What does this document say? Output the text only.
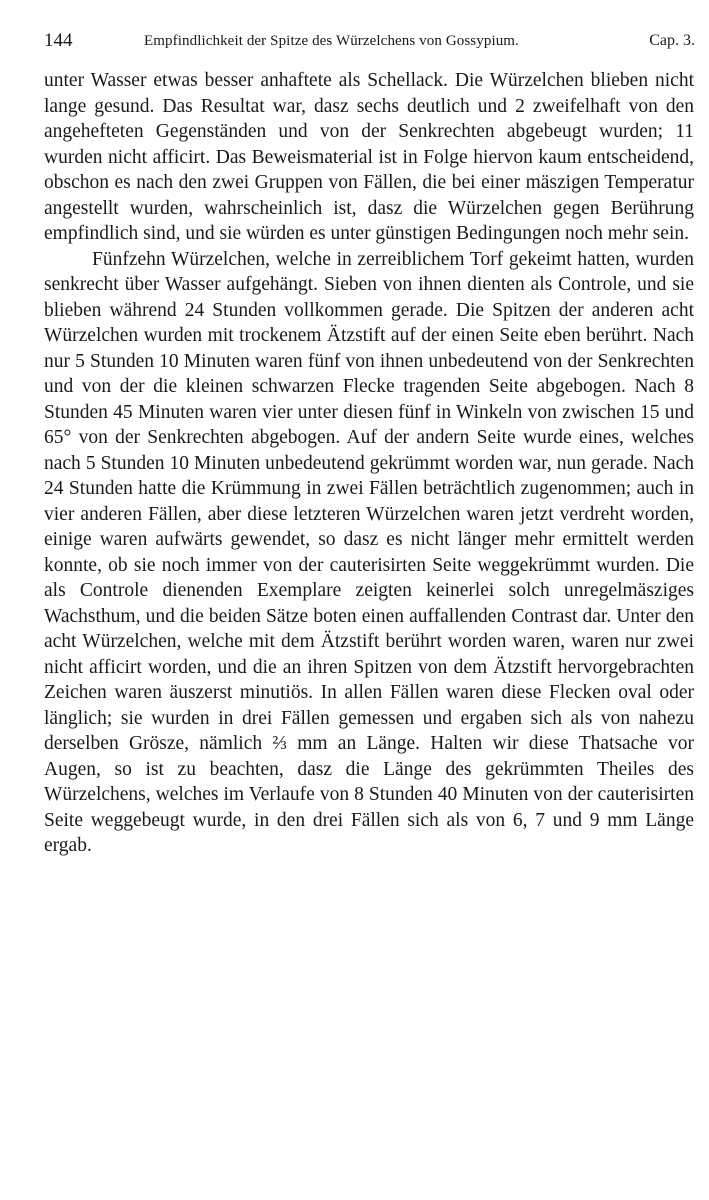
144	Empfindlichkeit der Spitze des Würzelchens von Gossypium.	Cap. 3.

unter Wasser etwas besser anhaftete als Schellack. Die Würzelchen blieben nicht lange gesund. Das Resultat war, dasz sechs deutlich und 2 zweifelhaft von den angehefteten Gegenständen und von der Senkrechten abgebeugt wurden; 11 wurden nicht afficirt. Das Beweismaterial ist in Folge hiervon kaum entscheidend, obschon es nach den zwei Gruppen von Fällen, die bei einer mäszigen Temperatur angestellt wurden, wahrscheinlich ist, dasz die Würzelchen gegen Berührung empfindlich sind, und sie würden es unter günstigen Bedingungen noch mehr sein.

Fünfzehn Würzelchen, welche in zerreiblichem Torf gekeimt hatten, wurden senkrecht über Wasser aufgehängt. Sieben von ihnen dienten als Controle, und sie blieben während 24 Stunden vollkommen gerade. Die Spitzen der anderen acht Würzelchen wurden mit trockenem Ätzstift auf der einen Seite eben berührt. Nach nur 5 Stunden 10 Minuten waren fünf von ihnen unbedeutend von der Senkrechten und von der die kleinen schwarzen Flecke tragenden Seite abgebogen. Nach 8 Stunden 45 Minuten waren vier unter diesen fünf in Winkeln von zwischen 15 und 65° von der Senkrechten abgebogen. Auf der andern Seite wurde eines, welches nach 5 Stunden 10 Minuten unbedeutend gekrümmt worden war, nun gerade. Nach 24 Stunden hatte die Krümmung in zwei Fällen beträchtlich zugenommen; auch in vier anderen Fällen, aber diese letzteren Würzelchen waren jetzt verdreht worden, einige waren aufwärts gewendet, so dasz es nicht länger mehr ermittelt werden konnte, ob sie noch immer von der cauterisirten Seite weggekrümmt wurden. Die als Controle dienenden Exemplare zeigten keinerlei solch unregelmäsziges Wachsthum, und die beiden Sätze boten einen auffallenden Contrast dar. Unter den acht Würzelchen, welche mit dem Ätzstift berührt worden waren, waren nur zwei nicht afficirt worden, und die an ihren Spitzen von dem Ätzstift hervorgebrachten Zeichen waren äuszerst minutiös. In allen Fällen waren diese Flecken oval oder länglich; sie wurden in drei Fällen gemessen und ergaben sich als von nahezu derselben Grösze, nämlich ⅔ mm an Länge. Halten wir diese Thatsache vor Augen, so ist zu beachten, dasz die Länge des gekrümmten Theiles des Würzelchens, welches im Verlaufe von 8 Stunden 40 Minuten von der cauterisirten Seite weggebeugt wurde, in den drei Fällen sich als von 6, 7 und 9 mm Länge ergab.
